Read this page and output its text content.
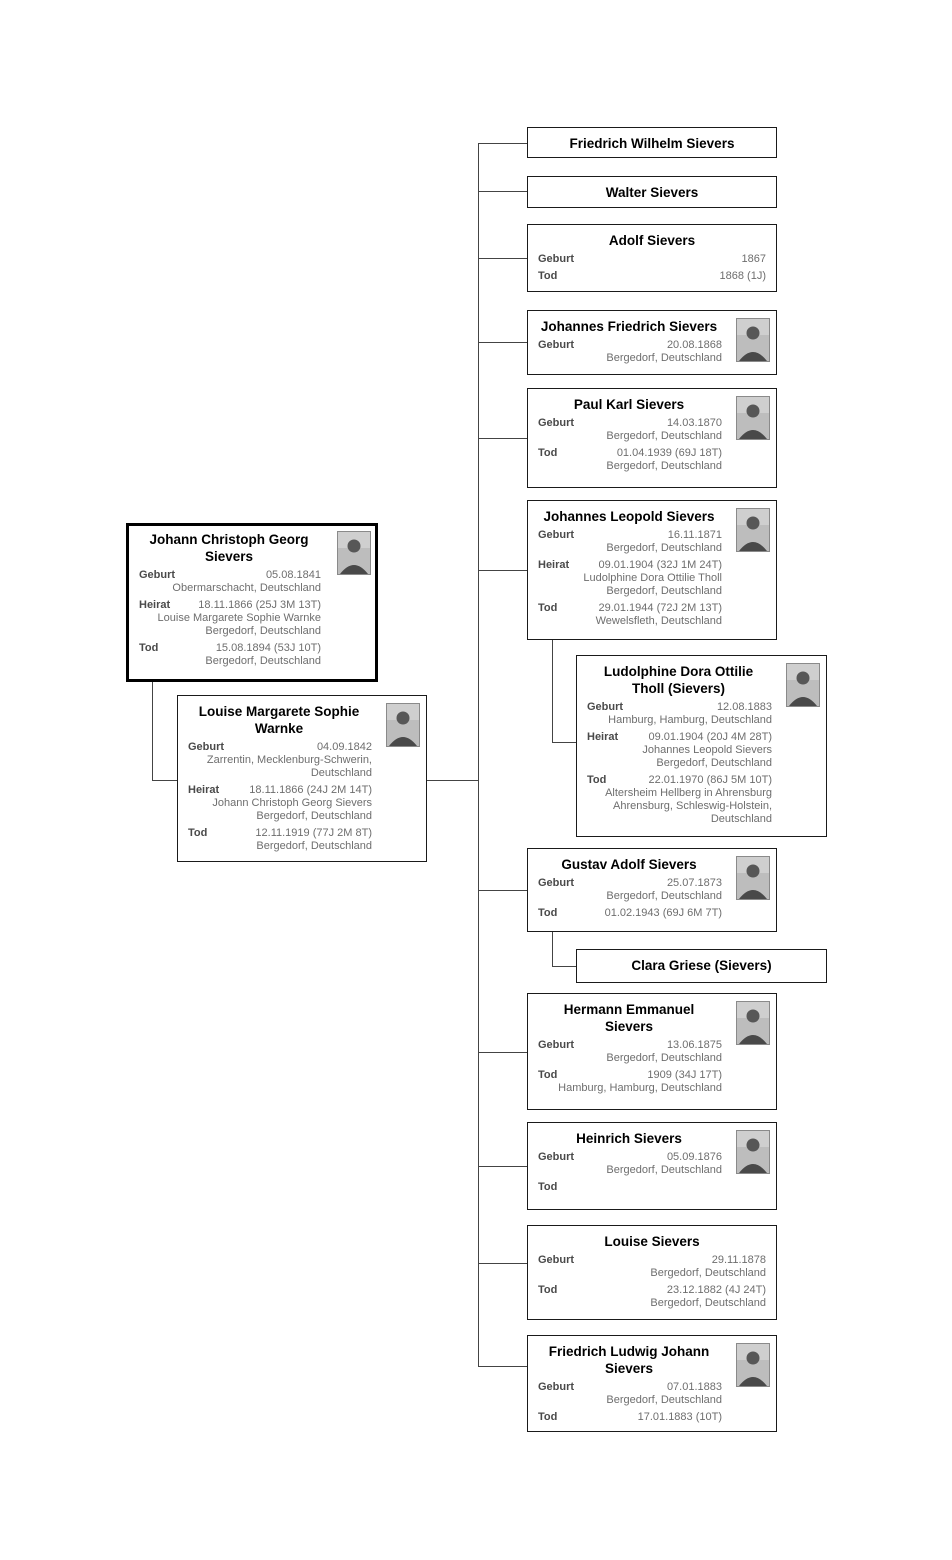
Johann Christoph Georg
Sievers
Geburt	05.08.1841
Obermarschacht, Deutschland
Heirat	18.11.1866 (25J 3M 13T)
Louise Margarete Sophie Warnke
Bergedorf, Deutschland
Tod	15.08.1894 (53J 10T)
Bergedorf, Deutschland
Louise Margarete Sophie
Warnke
Geburt	04.09.1842
Zarrentin, Mecklenburg-Schwerin,
Deutschland
Heirat	18.11.1866 (24J 2M 14T)
Johann Christoph Georg Sievers
Bergedorf, Deutschland
Tod	12.11.1919 (77J 2M 8T)
Bergedorf, Deutschland
Friedrich Wilhelm Sievers
Walter Sievers
Adolf Sievers
Geburt	1867
Tod	1868 (1J)
Johannes Friedrich Sievers
Geburt	20.08.1868
Bergedorf, Deutschland
Paul Karl Sievers
Geburt	14.03.1870
Bergedorf, Deutschland
Tod	01.04.1939 (69J 18T)
Bergedorf, Deutschland
Johannes Leopold Sievers
Geburt	16.11.1871
Bergedorf, Deutschland
Heirat	09.01.1904 (32J 1M 24T)
Ludolphine Dora Ottilie Tholl
Bergedorf, Deutschland
Tod	29.01.1944 (72J 2M 13T)
Wewelsfleth, Deutschland
Ludolphine Dora Ottilie
Tholl (Sievers)
Geburt	12.08.1883
Hamburg, Hamburg, Deutschland
Heirat	09.01.1904 (20J 4M 28T)
Johannes Leopold Sievers
Bergedorf, Deutschland
Tod	22.01.1970 (86J 5M 10T)
Altersheim Hellberg in Ahrensburg
Ahrensburg, Schleswig-Holstein,
Deutschland
Gustav Adolf Sievers
Geburt	25.07.1873
Bergedorf, Deutschland
Tod	01.02.1943 (69J 6M 7T)
Clara Griese (Sievers)
Hermann Emmanuel
Sievers
Geburt	13.06.1875
Bergedorf, Deutschland
Tod	1909 (34J 17T)
Hamburg, Hamburg, Deutschland
Heinrich Sievers
Geburt	05.09.1876
Bergedorf, Deutschland
Tod
Louise Sievers
Geburt	29.11.1878
Bergedorf, Deutschland
Tod	23.12.1882 (4J 24T)
Bergedorf, Deutschland
Friedrich Ludwig Johann
Sievers
Geburt	07.01.1883
Bergedorf, Deutschland
Tod	17.01.1883 (10T)
